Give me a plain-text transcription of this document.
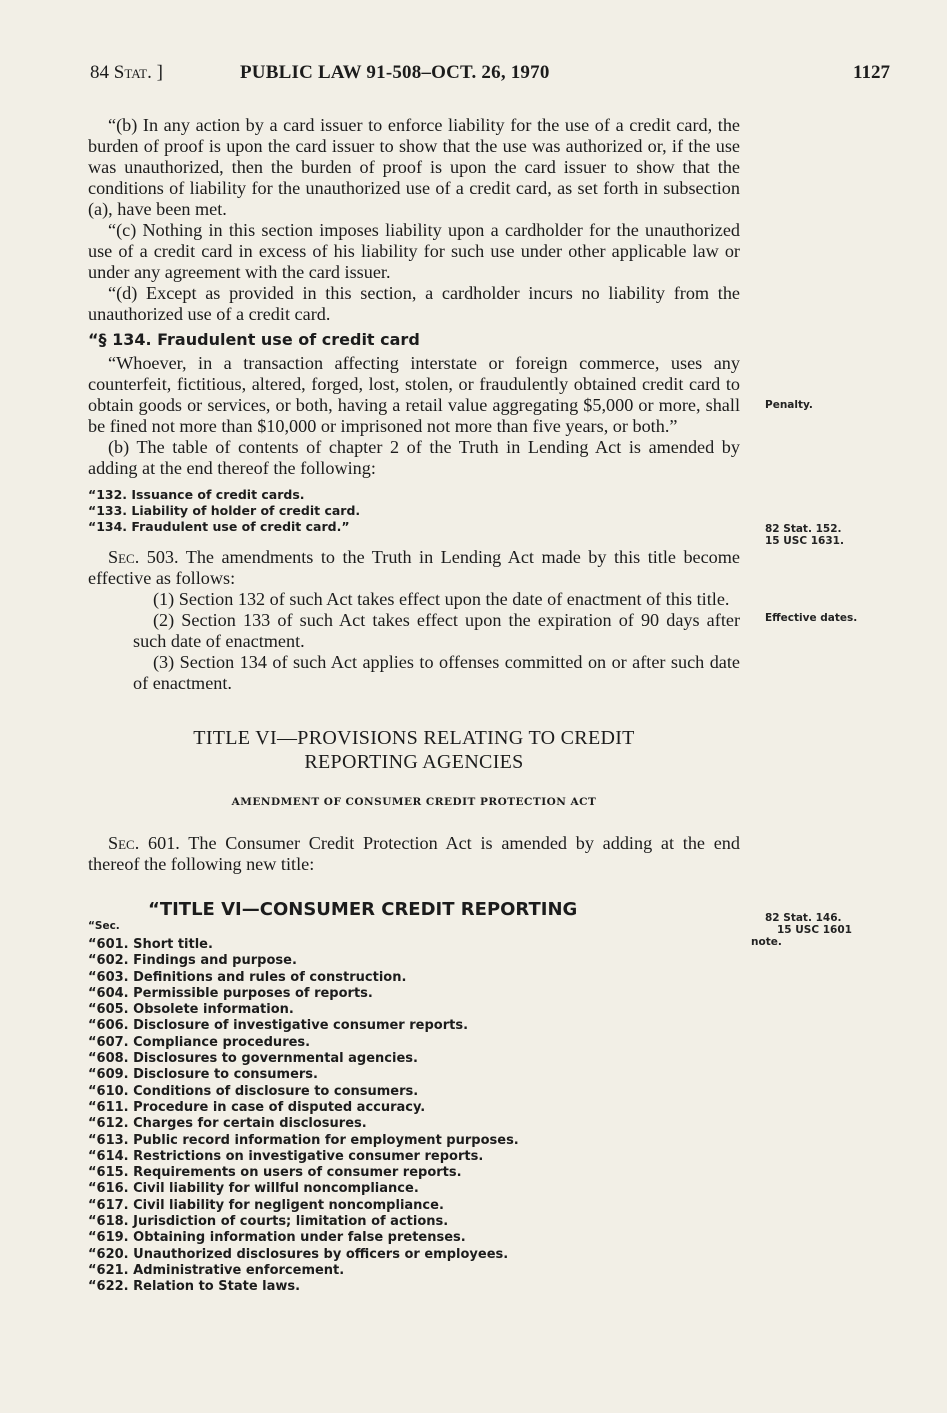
84 Stat. ]	PUBLIC LAW 91-508–OCT. 26, 1970	1127

“(b) In any action by a card issuer to enforce liability for the use of a credit card, the burden of proof is upon the card issuer to show that the use was authorized or, if the use was unauthorized, then the burden of proof is upon the card issuer to show that the conditions of liability for the unauthorized use of a credit card, as set forth in subsection (a), have been met.

“(c) Nothing in this section imposes liability upon a cardholder for the unauthorized use of a credit card in excess of his liability for such use under other applicable law or under any agreement with the card issuer.

“(d) Except as provided in this section, a cardholder incurs no liability from the unauthorized use of a credit card.

“§ 134. Fraudulent use of credit card

“Whoever, in a transaction affecting interstate or foreign commerce, uses any counterfeit, fictitious, altered, forged, lost, stolen, or fraudulently obtained credit card to obtain goods or services, or both, having a retail value aggregating $5,000 or more, shall be fined not more than $10,000 or imprisoned not more than five years, or both.”

(b) The table of contents of chapter 2 of the Truth in Lending Act is amended by adding at the end thereof the following:

“132. Issuance of credit cards.
“133. Liability of holder of credit card.
“134. Fraudulent use of credit card.”

Sec. 503. The amendments to the Truth in Lending Act made by this title become effective as follows:

(1) Section 132 of such Act takes effect upon the date of enactment of this title.

(2) Section 133 of such Act takes effect upon the expiration of 90 days after such date of enactment.

(3) Section 134 of such Act applies to offenses committed on or after such date of enactment.

TITLE VI—PROVISIONS RELATING TO CREDIT
REPORTING AGENCIES
AMENDMENT OF CONSUMER CREDIT PROTECTION ACT

Sec. 601. The Consumer Credit Protection Act is amended by adding at the end thereof the following new title:

“TITLE VI—CONSUMER CREDIT REPORTING
“Sec.
“601. Short title.
“602. Findings and purpose.
“603. Definitions and rules of construction.
“604. Permissible purposes of reports.
“605. Obsolete information.
“606. Disclosure of investigative consumer reports.
“607. Compliance procedures.
“608. Disclosures to governmental agencies.
“609. Disclosure to consumers.
“610. Conditions of disclosure to consumers.
“611. Procedure in case of disputed accuracy.
“612. Charges for certain disclosures.
“613. Public record information for employment purposes.
“614. Restrictions on investigative consumer reports.
“615. Requirements on users of consumer reports.
“616. Civil liability for willful noncompliance.
“617. Civil liability for negligent noncompliance.
“618. Jurisdiction of courts; limitation of actions.
“619. Obtaining information under false pretenses.
“620. Unauthorized disclosures by officers or employees.
“621. Administrative enforcement.
“622. Relation to State laws.
Penalty.
82 Stat. 152.
15 USC 1631.
Effective dates.
82 Stat. 146.
15 USC 1601
note.
